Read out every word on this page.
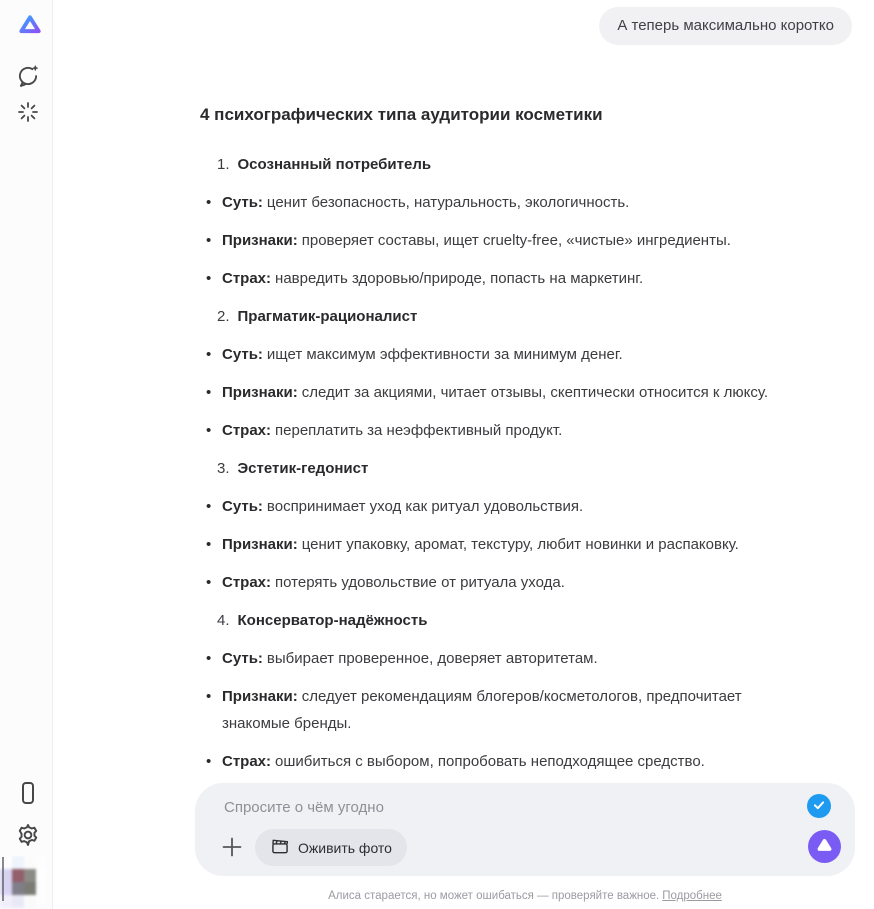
А теперь максимально коротко
4 психографических типа аудитории косметики
1. Осознанный потребитель
• Суть: ценит безопасность, натуральность, экологичность.
• Признаки: проверяет составы, ищет cruelty-free, «чистые» ингредиенты.
• Страх: навредить здоровью/природе, попасть на маркетинг.
2. Прагматик-рационалист
• Суть: ищет максимум эффективности за минимум денег.
• Признаки: следит за акциями, читает отзывы, скептически относится к люксу.
• Страх: переплатить за неэффективный продукт.
3. Эстетик-гедонист
• Суть: воспринимает уход как ритуал удовольствия.
• Признаки: ценит упаковку, аромат, текстуру, любит новинки и распаковку.
• Страх: потерять удовольствие от ритуала ухода.
4. Консерватор-надёжность
• Суть: выбирает проверенное, доверяет авторитетам.
• Признаки: следует рекомендациям блогеров/косметологов, предпочитает знакомые бренды.
• Страх: ошибиться с выбором, попробовать неподходящее средство.
Спросите о чём угодно
Оживить фото
Алиса старается, но может ошибаться — проверяйте важное. Подробнее
